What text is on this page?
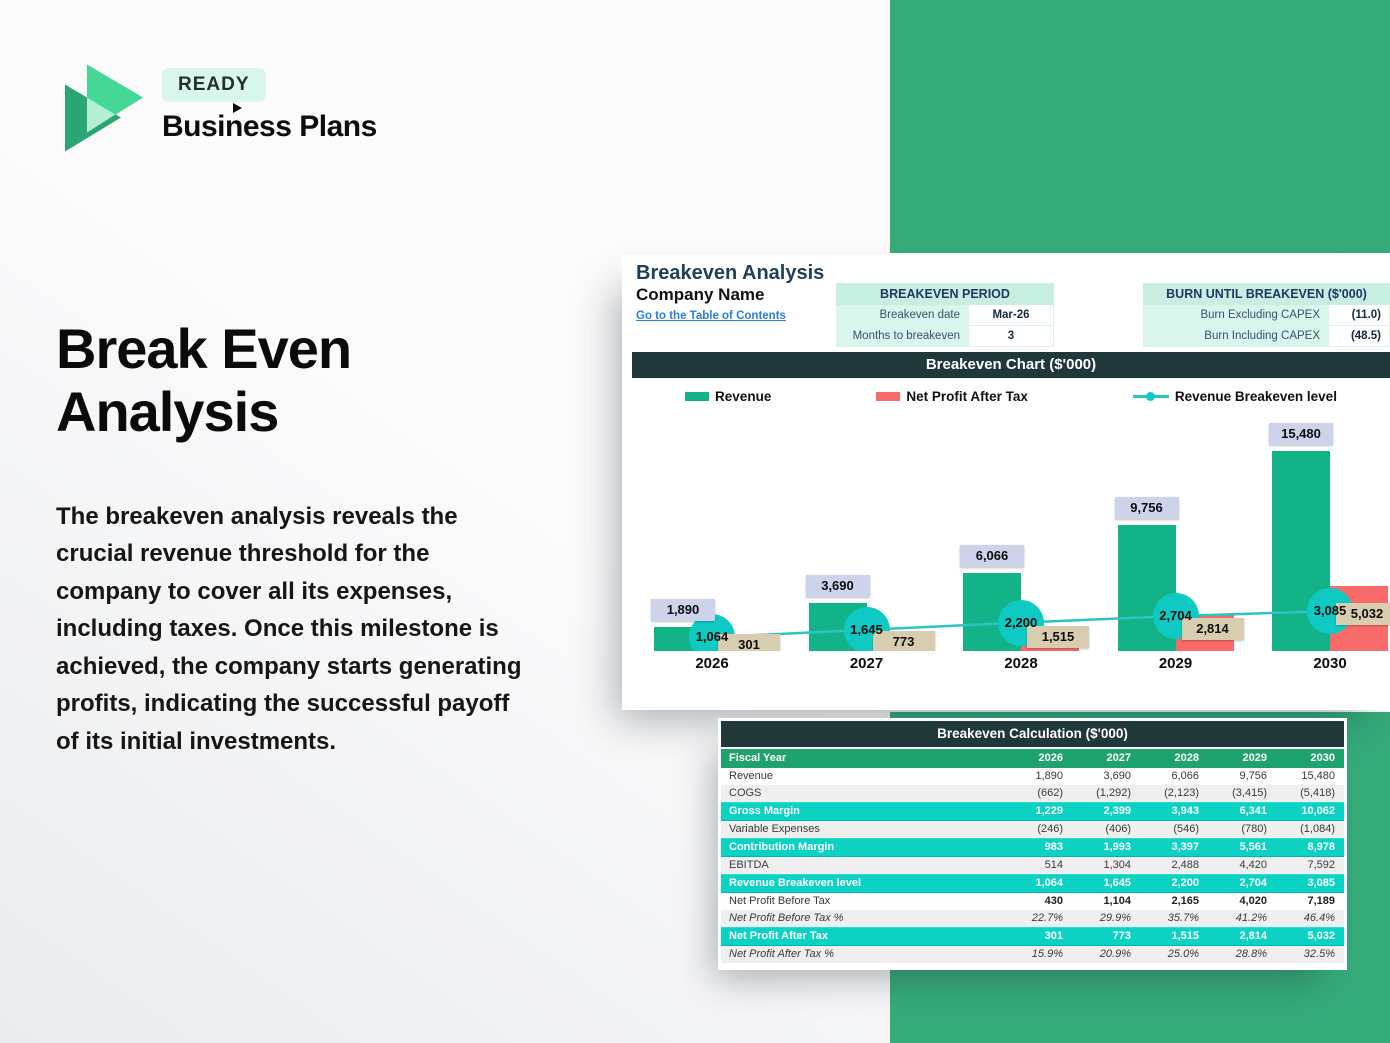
READY
Business Plans
Break Even
Analysis
The breakeven analysis reveals the crucial revenue threshold for the company to cover all its expenses, including taxes. Once this milestone is achieved, the company starts generating profits, indicating the successful payoff of its initial investments.
Breakeven Analysis
Company Name
Go to the Table of Contents
BREAKEVEN PERIOD
Breakeven date	Mar-26
Months to breakeven	3
BURN UNTIL BREAKEVEN ($'000)
Burn Excluding CAPEX	(11.0)
Burn Including CAPEX	(48.5)
Breakeven Chart ($'000)
Revenue	Net Profit After Tax	Revenue Breakeven level
1,890
301
1,064
3,690
773
1,645
6,066
1,515
2,200
9,756
2,814
2,704
15,480
5,032
3,085
2026	2027	2028	2029	2030
Breakeven Calculation ($'000)
Fiscal Year	2026	2027	2028	2029	2030
Revenue	1,890	3,690	6,066	9,756	15,480
COGS	(662)	(1,292)	(2,123)	(3,415)	(5,418)
Gross Margin	1,229	2,399	3,943	6,341	10,062
Variable Expenses	(246)	(406)	(546)	(780)	(1,084)
Contribution Margin	983	1,993	3,397	5,561	8,978
EBITDA	514	1,304	2,488	4,420	7,592
Revenue Breakeven level	1,064	1,645	2,200	2,704	3,085
Net Profit Before Tax	430	1,104	2,165	4,020	7,189
Net Profit Before Tax %	22.7%	29.9%	35.7%	41.2%	46.4%
Net Profit After Tax	301	773	1,515	2,814	5,032
Net Profit After Tax %	15.9%	20.9%	25.0%	28.8%	32.5%
